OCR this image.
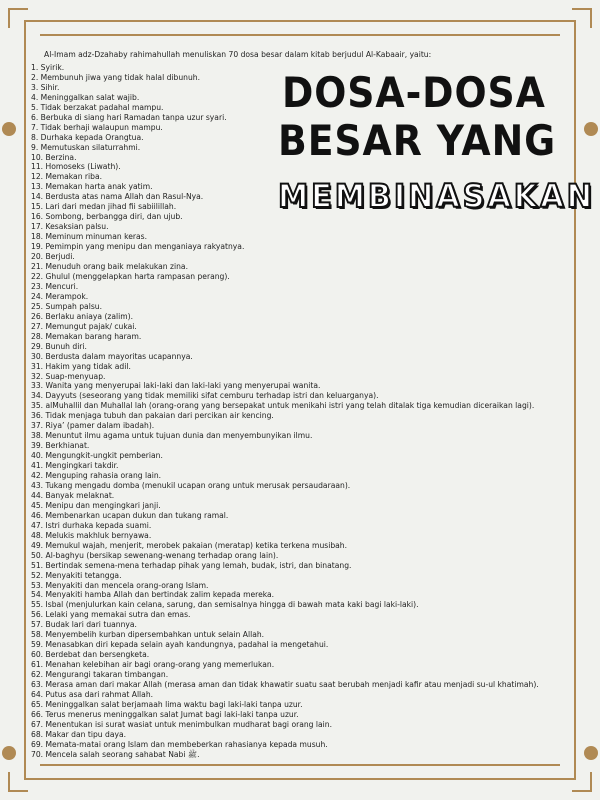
DOSA-DOSA
BESAR YANG
MEMBINASAKAN

Al-Imam adz-Dzahaby rahimahullah menuliskan 70 dosa besar dalam kitab berjudul Al-Kabaair, yaitu:

1. Syirik.
2. Membunuh jiwa yang tidak halal dibunuh.
3. Sihir.
4. Meninggalkan salat wajib.
5. Tidak berzakat padahal mampu.
6. Berbuka di siang hari Ramadan tanpa uzur syari.
7. Tidak berhaji walaupun mampu.
8. Durhaka kepada Orangtua.
9. Memutuskan silaturrahmi.
10. Berzina.
11. Homoseks (Liwath).
12. Memakan riba.
13. Memakan harta anak yatim.
14. Berdusta atas nama Allah dan Rasul-Nya.
15. Lari dari medan jihad fii sabiilillah.
16. Sombong, berbangga diri, dan ujub.
17. Kesaksian palsu.
18. Meminum minuman keras.
19. Pemimpin yang menipu dan menganiaya rakyatnya.
20. Berjudi.
21. Menuduh orang baik melakukan zina.
22. Ghulul (menggelapkan harta rampasan perang).
23. Mencuri.
24. Merampok.
25. Sumpah palsu.
26. Berlaku aniaya (zalim).
27. Memungut pajak/ cukai.
28. Memakan barang haram.
29. Bunuh diri.
30. Berdusta dalam mayoritas ucapannya.
31. Hakim yang tidak adil.
32. Suap-menyuap.
33. Wanita yang menyerupai laki-laki dan laki-laki yang menyerupai wanita.
34. Dayyuts (seseorang yang tidak memiliki sifat cemburu terhadap istri dan keluarganya).
35. alMuhallil dan Muhallal lah (orang-orang yang bersepakat untuk menikahi istri yang telah ditalak tiga kemudian diceraikan lagi).
36. Tidak menjaga tubuh dan pakaian dari percikan air kencing.
37. Riya’ (pamer dalam ibadah).
38. Menuntut ilmu agama untuk tujuan dunia dan menyembunyikan ilmu.
39. Berkhianat.
40. Mengungkit-ungkit pemberian.
41. Mengingkari takdir.
42. Menguping rahasia orang lain.
43. Tukang mengadu domba (menukil ucapan orang untuk merusak persaudaraan).
44. Banyak melaknat.
45. Menipu dan mengingkari janji.
46. Membenarkan ucapan dukun dan tukang ramal.
47. Istri durhaka kepada suami.
48. Melukis makhluk bernyawa.
49. Memukul wajah, menjerit, merobek pakaian (meratap) ketika terkena musibah.
50. Al-baghyu (bersikap sewenang-wenang terhadap orang lain).
51. Bertindak semena-mena terhadap pihak yang lemah, budak, istri, dan binatang.
52. Menyakiti tetangga.
53. Menyakiti dan mencela orang-orang Islam.
54. Menyakiti hamba Allah dan bertindak zalim kepada mereka.
55. Isbal (menjulurkan kain celana, sarung, dan semisalnya hingga di bawah mata kaki bagi laki-laki).
56. Lelaki yang memakai sutra dan emas.
57. Budak lari dari tuannya.
58. Menyembelih kurban dipersembahkan untuk selain Allah.
59. Menasabkan diri kepada selain ayah kandungnya, padahal ia mengetahui.
60. Berdebat dan bersengketa.
61. Menahan kelebihan air bagi orang-orang yang memerlukan.
62. Mengurangi takaran timbangan.
63. Merasa aman dari makar Allah (merasa aman dan tidak khawatir suatu saat berubah menjadi kafir atau menjadi su-ul khatimah).
64. Putus asa dari rahmat Allah.
65. Meninggalkan salat berjamaah lima waktu bagi laki-laki tanpa uzur.
66. Terus menerus meninggalkan salat Jumat bagi laki-laki tanpa uzur.
67. Menentukan isi surat wasiat untuk menimbulkan mudharat bagi orang lain.
68. Makar dan tipu daya.
69. Memata-matai orang Islam dan membeberkan rahasianya kepada musuh.
70. Mencela salah seorang sahabat Nabi ﷺ.
